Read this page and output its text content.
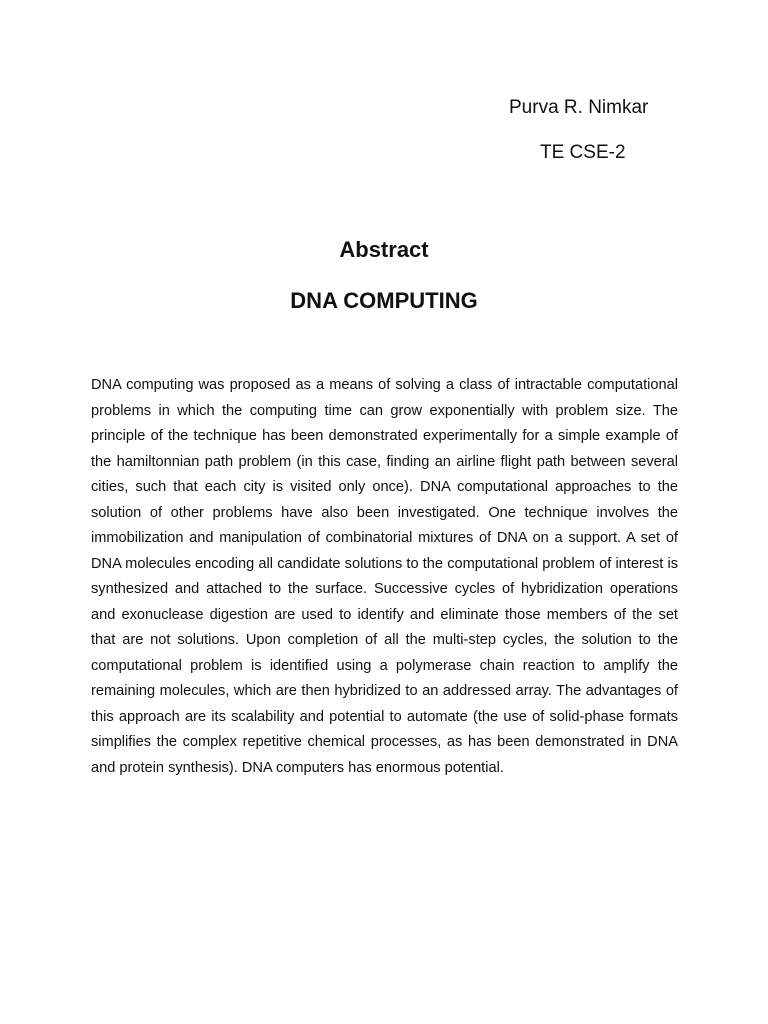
Purva R. Nimkar
TE CSE-2
Abstract
DNA COMPUTING

DNA computing was proposed as a means of solving a class of intractable computational problems in which the computing time can grow exponentially with problem size. The principle of the technique has been demonstrated experimentally for a simple example of the hamiltonnian path problem (in this case, finding an airline flight path between several cities, such that each city is visited only once). DNA computational approaches to the solution of other problems have also been investigated. One technique involves the immobilization and manipulation of combinatorial mixtures of DNA on a support. A set of DNA molecules encoding all candidate solutions to the computational problem of interest is synthesized and attached to the surface. Successive cycles of hybridization operations and exonuclease digestion are used to identify and eliminate those members of the set that are not solutions. Upon completion of all the multi-step cycles, the solution to the computational problem is identified using a polymerase chain reaction to amplify the remaining molecules, which are then hybridized to an addressed array. The advantages of this approach are its scalability and potential to automate (the use of solid-phase formats simplifies the complex repetitive chemical processes, as has been demonstrated in DNA and protein synthesis). DNA computers has enormous potential.
